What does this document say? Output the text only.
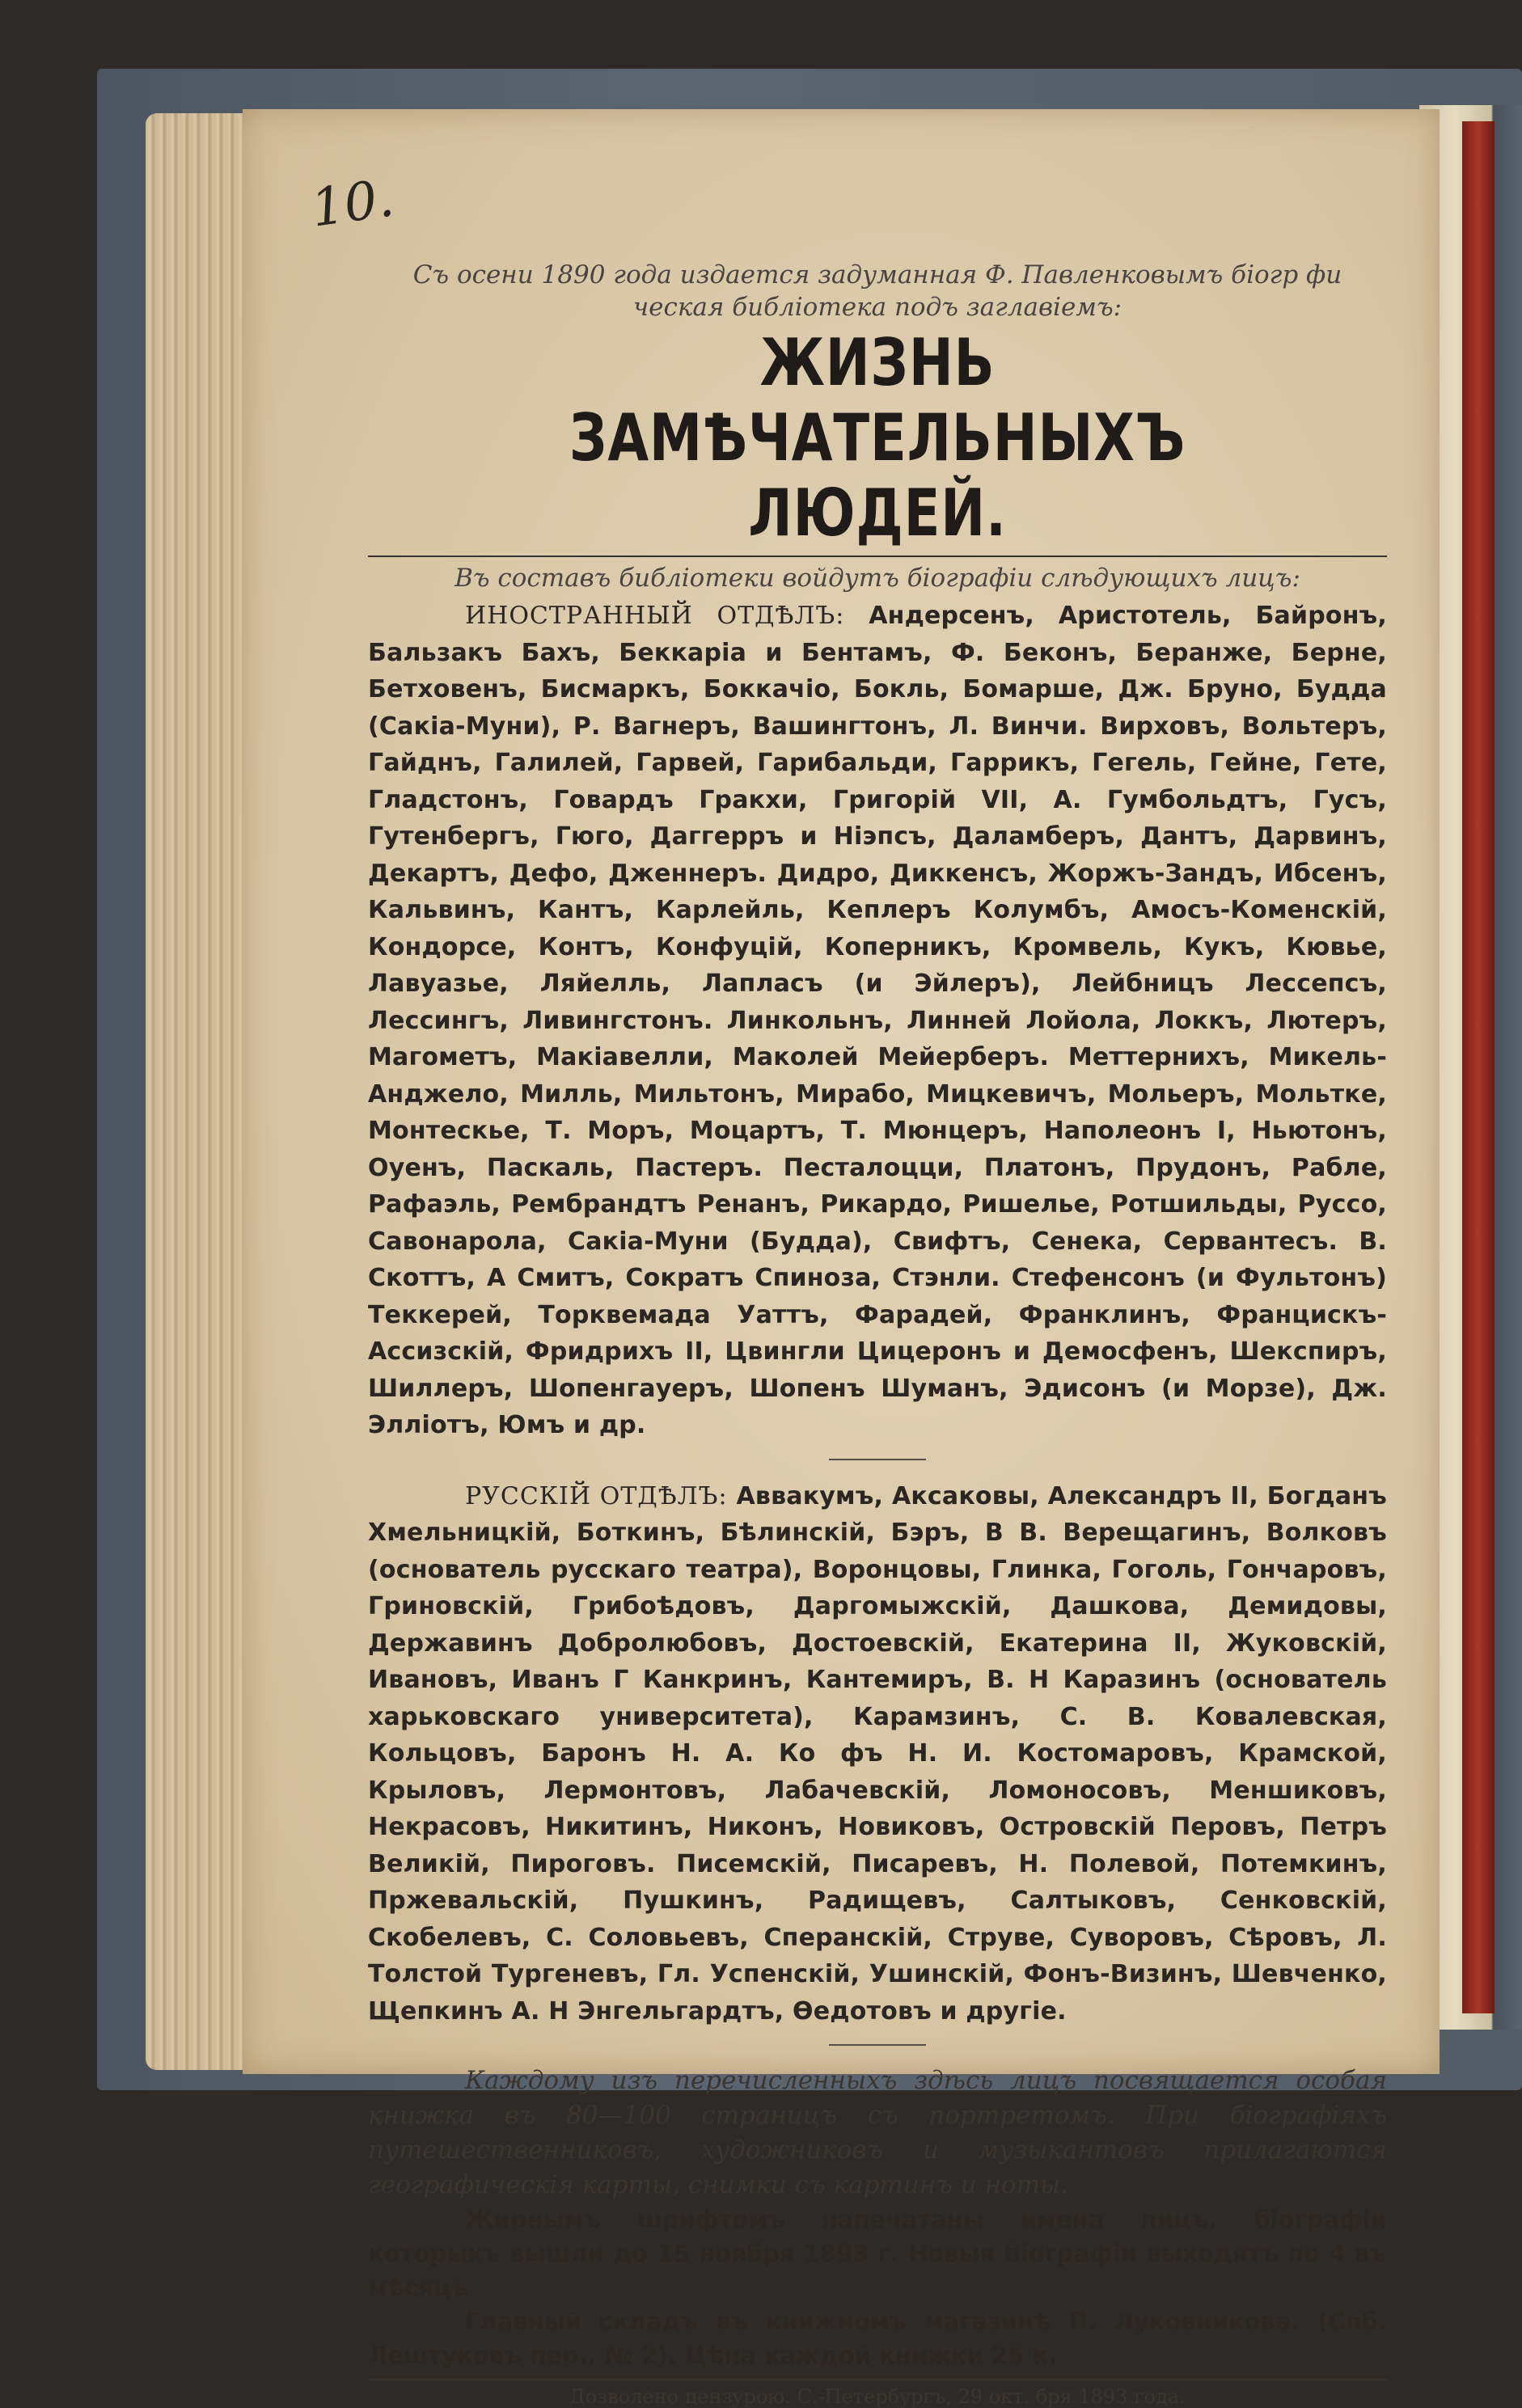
10.
Съ осени 1890 года издается задуманная Ф. Павленковымъ біогр фи ческая библіотека подъ заглавіемъ:
ЖИЗНЬ ЗАМѢЧАТЕЛЬНЫХЪ ЛЮДЕЙ.
Въ составъ библіотеки войдутъ біографіи слѣдующихъ лицъ:
ИНОСТРАННЫЙ ОТДѢЛЪ: Андерсенъ, Аристотель, Байронъ, Бальзакъ Бахъ, Беккаріа и Бентамъ, Ф. Беконъ, Беранже, Берне, Бетховенъ, Бисмаркъ, Боккачіо, Бокль, Бомарше, Дж. Бруно, Будда (Сакіа-Муни), Р. Вагнеръ, Вашингтонъ, Л. Винчи. Вирховъ, Вольтеръ, Гайднъ, Галилей, Гарвей, Гарибальди, Гаррикъ, Гегель, Гейне, Гете, Гладстонъ, Говардъ Гракхи, Григорій VII, А. Гумбольдтъ, Гусъ, Гутенбергъ, Гюго, Даггерръ и Ніэпсъ, Даламберъ, Дантъ, Дарвинъ, Декартъ, Дефо, Дженнеръ. Дидро, Диккенсъ, Жоржъ-Зандъ, Ибсенъ, Кальвинъ, Кантъ, Карлейль, Кеплеръ Колумбъ, Амосъ-Коменскій, Кондорсе, Контъ, Конфуцій, Коперникъ, Кромвель, Кукъ, Кювье, Лавуазье, Ляйелль, Лапласъ (и Эйлеръ), Лейбницъ Лессепсъ, Лессингъ, Ливингстонъ. Линкольнъ, Линней Лойола, Локкъ, Лютеръ, Магометъ, Макіавелли, Маколей Мейерберъ. Меттернихъ, Микель-Анджело, Милль, Мильтонъ, Мирабо, Мицкевичъ, Мольеръ, Мольтке, Монтескье, Т. Моръ, Моцартъ, Т. Мюнцеръ, Наполеонъ I, Ньютонъ, Оуенъ, Паскаль, Пастеръ. Песталоцци, Платонъ, Прудонъ, Рабле, Рафаэль, Рембрандтъ Ренанъ, Рикардо, Ришелье, Ротшильды, Руссо, Савонарола, Сакіа-Муни (Будда), Свифтъ, Сенека, Сервантесъ. В. Скоттъ, А Смитъ, Сократъ Спиноза, Стэнли. Стефенсонъ (и Фультонъ) Теккерей, Торквемада Уаттъ, Фарадей, Франклинъ, Францискъ-Ассизскій, Фридрихъ II, Цвингли Цицеронъ и Демосфенъ, Шекспиръ, Шиллеръ, Шопенгауеръ, Шопенъ Шуманъ, Эдисонъ (и Морзе), Дж. Элліотъ, Юмъ и др.
РУССКІЙ ОТДѢЛЪ: Аввакумъ, Аксаковы, Александръ II, Богданъ Хмельницкій, Боткинъ, Бѣлинскій, Бэръ, В В. Верещагинъ, Волковъ (основатель русскаго театра), Воронцовы, Глинка, Гоголь, Гончаровъ, Гриновскій, Грибоѣдовъ, Даргомыжскій, Дашкова, Демидовы, Державинъ Добролюбовъ, Достоевскій, Екатерина II, Жуковскій, Ивановъ, Иванъ Г Канкринъ, Кантемиръ, В. Н Каразинъ (основатель харьковскаго университета), Карамзинъ, С. В. Ковалевская, Кольцовъ, Баронъ Н. А. Ко фъ Н. И. Костомаровъ, Крамской, Крыловъ, Лермонтовъ, Лабачевскій, Ломоносовъ, Меншиковъ, Некрасовъ, Никитинъ, Никонъ, Новиковъ, Островскій Перовъ, Петръ Великій, Пироговъ. Писемскій, Писаревъ, Н. Полевой, Потемкинъ, Пржевальскій, Пушкинъ, Радищевъ, Салтыковъ, Сенковскій, Скобелевъ, С. Соловьевъ, Сперанскій, Струве, Суворовъ, Сѣровъ, Л. Толстой Тургеневъ, Гл. Успенскій, Ушинскій, Фонъ-Визинъ, Шевченко, Щепкинъ А. Н Энгельгардтъ, Ѳедотовъ и другіе.
Каждому изъ перечисленныхъ здѣсь лицъ посвящается особая книжка въ 80—100 страницъ съ портретомъ. При біографіяхъ путешественниковъ, художниковъ и музыкантовъ прилагаются географическія карты, снимки съ картинъ и ноты.
Жирнымъ шрифтомъ напечатаны имена лицъ, біографіи которыхъ вышли до 15 ноября 1893 г. Новыя біографіи выходятъ по 4 въ мѣсяцъ
Главный складъ въ книжномъ магазинѣ П. Луковникова. (Спб. Лештуковъ пер., № 2). Цѣна каждой книжки 25 к.
Дозволено цензурою. С.-Петербургъ, 29 окт. бря 1893 года.
